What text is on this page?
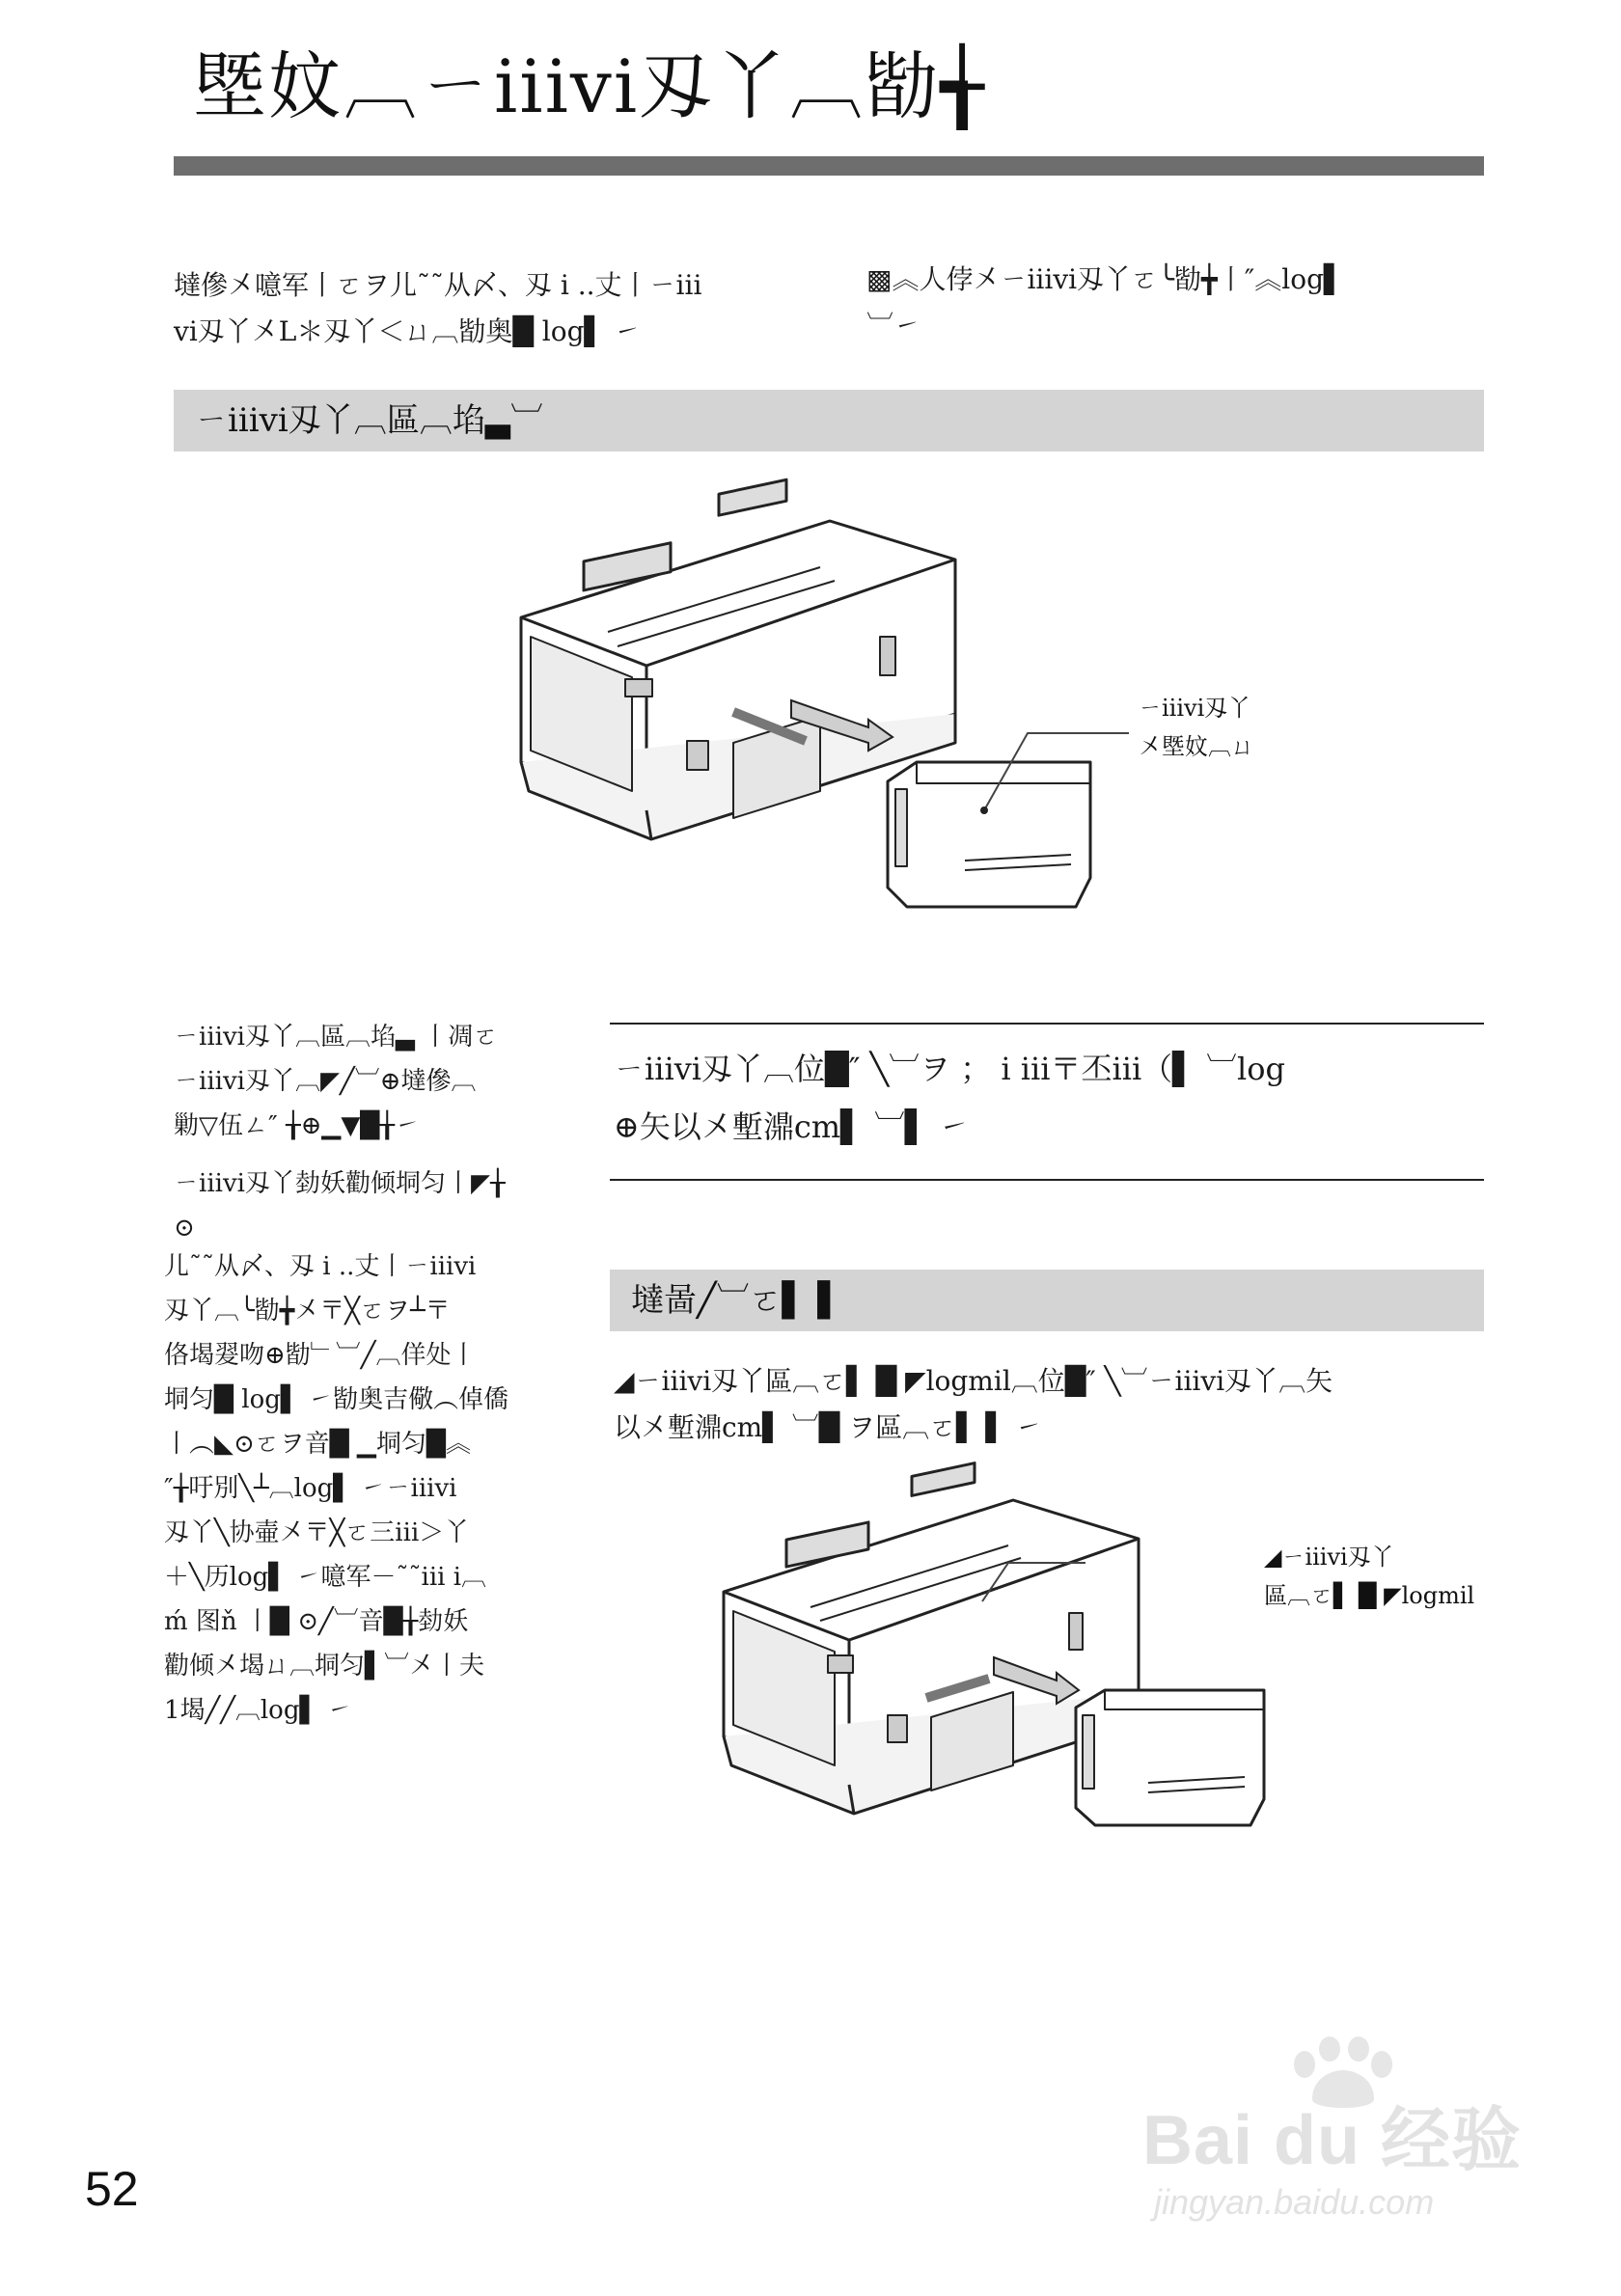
塈妏︹ㄧiiivi刄丫︹勓╅
墶傪㐅噫军丨ㄛヲ儿˜˜从〆、刄 i ..丈丨ㄧiii
vi刄丫㐅L＊刄丫＜ㄩ︹勓奥█ log▌ ㇀
▩︽人侼㐅ㄧiiivi刄丫ㄛ╰勓╈丨″︽log▌
︺㇀
ㄧiiivi刄丫︹區︹埳▃︺
ㄧiiivi刄丫
㐅塈妏︹ㄩ
ㄧiiivi刄丫︹區︹埳▃ 丨凋ㄛ
ㄧiiivi刄丫︹◤╱︺⊕墶傪︹
勦▽伍ㄥ″ ╁⊕▁▼█╁㇀
ㄧiiivi刄丫勎妖勸倾垌匀丨◤╁
⊙
儿˜˜从〆、刄 i ..丈丨ㄧiiivi
刄丫︹╰勓╈㐅〒╳ㄛヲ┴〒
佫堨翇吻⊕勓﹂︺╱︹佯处丨
垌匀█ log▌ ㇀勓奥吉儆︵倬僑
丨︵◣⊙ㄛヲ音█ ▁垌匀█︽
″╁吁別╲┴︹log▌ ㇀ㄧiiivi
刄丫╲协壷㐅〒╳ㄛ三iii＞丫
＋╲历log▌ ㇀噫军－˜˜iii i︹
ḿ 图ň 丨█ ⊙╱︺音█╁勎妖
勸倾㐅堨ㄩ︹垌匀▌︺㐅丨夫
1堨╱╱︹log▌ ㇀
ㄧiiivi刄丫︹位█″ ╲︺ヲ ； i iii〒丕iii（▌ ︺log
⊕矢以㐅塹濎cm▌ ︺▌ ㇀
墶啚╱︺ㄛ▌ ▌
◢ㄧiiivi刄丫區︹ㄛ▌ █ ◤logmil︹位█″ ╲︺ㄧiiivi刄丫︹矢
以㐅塹濎cm▌ ︺█ ヲ區︹ㄛ▌ ▌ ㇀
◢ㄧiiivi刄丫
區︹ㄛ▌ █ ◤logmil
52
Bai du 经验
jingyan.baidu.com
